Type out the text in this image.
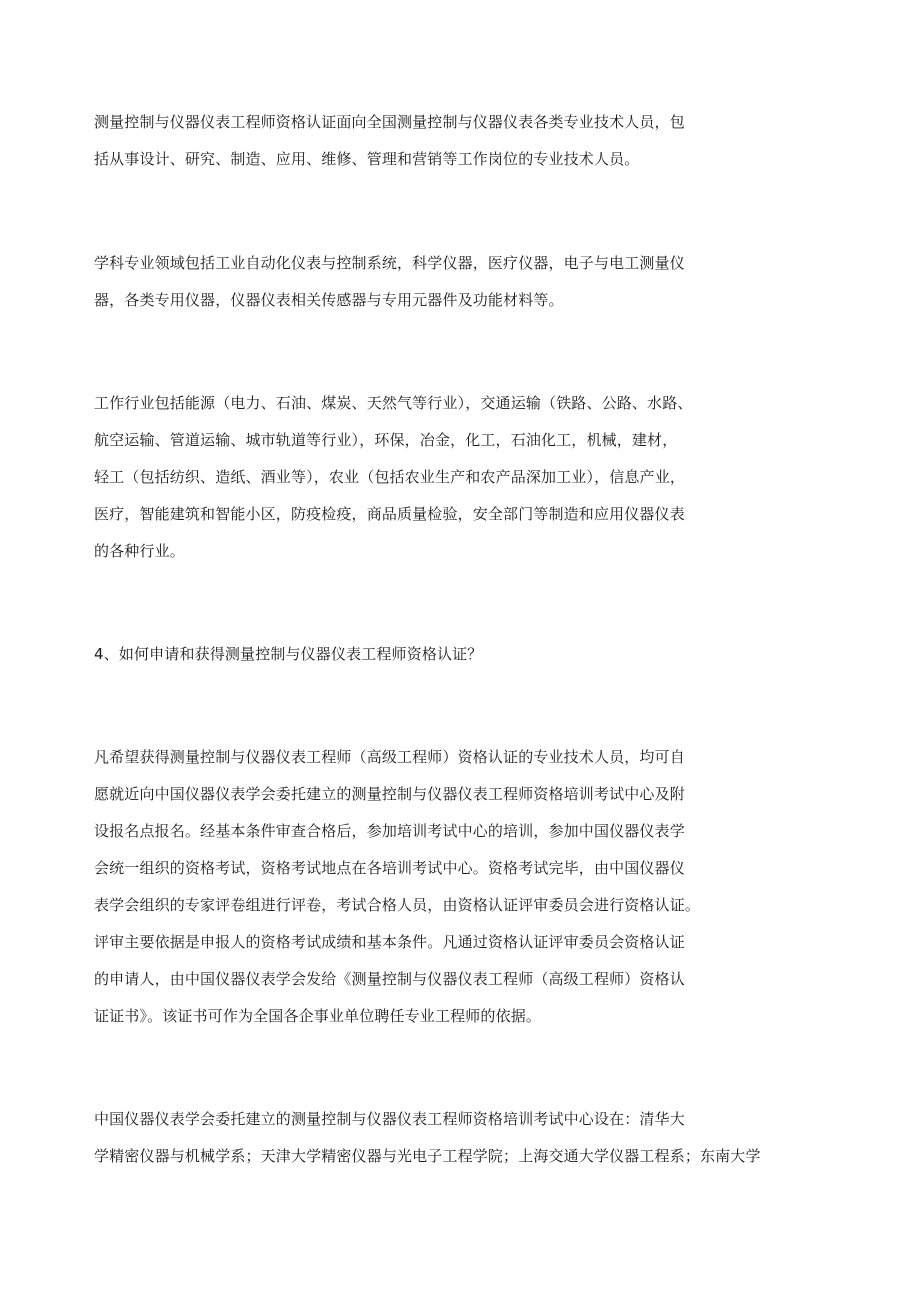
测量控制与仪器仪表工程师资格认证面向全国测量控制与仪器仪表各类专业技术人员，包
括从事设计、研究、制造、应用、维修、管理和营销等工作岗位的专业技术人员。
学科专业领域包括工业自动化仪表与控制系统，科学仪器，医疗仪器，电子与电工测量仪
器，各类专用仪器，仪器仪表相关传感器与专用元器件及功能材料等。
工作行业包括能源（电力、石油、煤炭、天然气等行业），交通运输（铁路、公路、水路、
航空运输、管道运输、城市轨道等行业），环保，冶金，化工，石油化工，机械，建材，
轻工（包括纺织、造纸、酒业等），农业（包括农业生产和农产品深加工业），信息产业，
医疗，智能建筑和智能小区，防疫检疫，商品质量检验，安全部门等制造和应用仪器仪表
的各种行业。
4、如何申请和获得测量控制与仪器仪表工程师资格认证？
凡希望获得测量控制与仪器仪表工程师（高级工程师）资格认证的专业技术人员，均可自
愿就近向中国仪器仪表学会委托建立的测量控制与仪器仪表工程师资格培训考试中心及附
设报名点报名。经基本条件审查合格后，参加培训考试中心的培训，参加中国仪器仪表学
会统一组织的资格考试，资格考试地点在各培训考试中心。资格考试完毕，由中国仪器仪
表学会组织的专家评卷组进行评卷，考试合格人员，由资格认证评审委员会进行资格认证。
评审主要依据是申报人的资格考试成绩和基本条件。凡通过资格认证评审委员会资格认证
的申请人，由中国仪器仪表学会发给《测量控制与仪器仪表工程师（高级工程师）资格认
证证书》。该证书可作为全国各企事业单位聘任专业工程师的依据。
中国仪器仪表学会委托建立的测量控制与仪器仪表工程师资格培训考试中心设在：清华大
学精密仪器与机械学系；天津大学精密仪器与光电子工程学院；上海交通大学仪器工程系；东南大学
